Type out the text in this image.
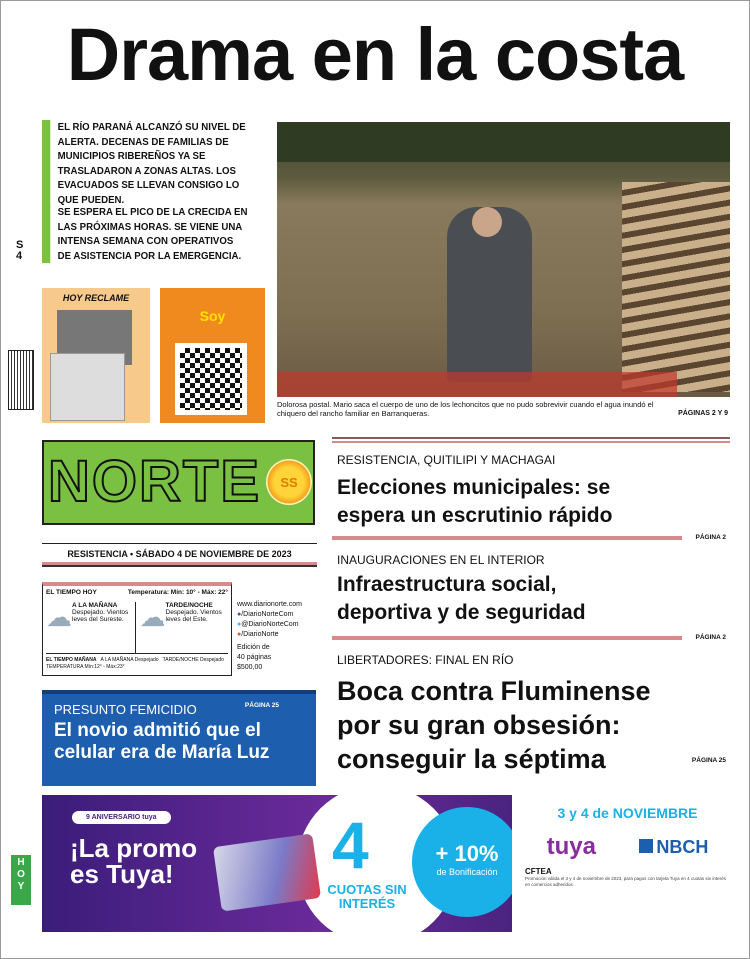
Drama en la costa
EL RÍO PARANÁ ALCANZÓ SU NIVEL DE ALERTA. DECENAS DE FAMILIAS DE MUNICIPIOS RIBEREÑOS YA SE TRASLADARON A ZONAS ALTAS. LOS EVACUADOS SE LLEVAN CONSIGO LO QUE PUEDEN.
SE ESPERA EL PICO DE LA CRECIDA EN LAS PRÓXIMAS HORAS. SE VIENE UNA INTENSA SEMANA CON OPERATIVOS DE ASISTENCIA POR LA EMERGENCIA.
S4
HOY
Dolorosa postal. Mario saca el cuerpo de uno de los lechoncitos que no pudo sobrevivir cuando el agua inundó el chiquero del rancho familiar en Barranqueras.	PÁGINAS 2 Y 9
HOY RECLAME
Soy
NORTE	SS
RESISTENCIA • SÁBADO 4 DE NOVIEMBRE DE 2023
EL TIEMPO HOY	Temperatura: Mín: 10° - Máx: 22°
☁ A LA MAÑANA
Despejado. Vientos leves del Sureste. ☁ TARDE/NOCHE
Despejado. Vientos leves del Este.
EL TIEMPO MAÑANA A LA MAÑANA Despejado TARDE/NOCHE Despejado
TEMPERATURA Mín:12° - Máx:23°
www.diarionorte.com
●/DiarioNorteCom
●@DiarioNorteCom
●/DiarioNorte
Edición de 40 páginas $500,00
PRESUNTO FEMICIDIO	PÁGINA 25
El novio admitió que el celular era de María Luz
RESISTENCIA, QUITILIPI Y MACHAGAI
Elecciones municipales: se espera un escrutinio rápido
PÁGINA 2
INAUGURACIONES EN EL INTERIOR
Infraestructura social, deportiva y de seguridad
PÁGINA 2
LIBERTADORES: FINAL EN RÍO
Boca contra Fluminense por su gran obsesión: conseguir la séptima	PÁGINA 25
9 ANIVERSARIO tuya
¡La promo es Tuya!	4
CUOTAS SIN INTERÉS
+ 10%
de Bonificación
3 y 4 de NOVIEMBRE
tuya	NBCH
CFTEA
Promoción válida el 3 y 4 de noviembre de 2023, para pagos con tarjeta Tuya en 4 cuotas sin interés en comercios adheridos.
